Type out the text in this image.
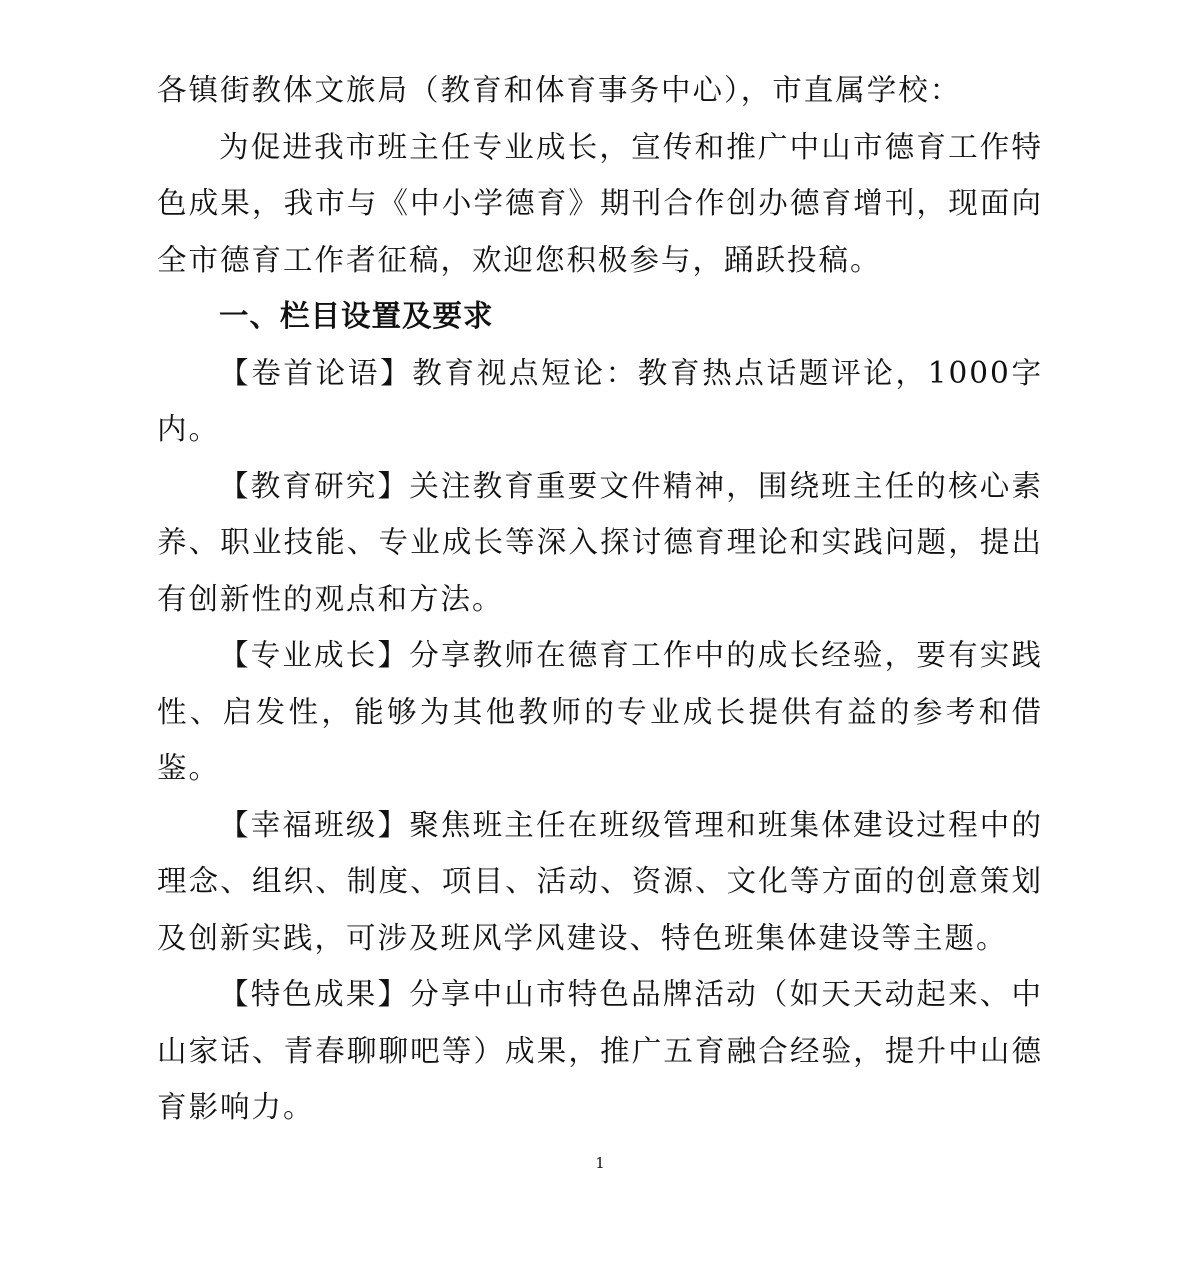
各镇街教体文旅局（教育和体育事务中心），市直属学校：

为促进我市班主任专业成长，宣传和推广中山市德育工作特色成果，我市与《中小学德育》期刊合作创办德育增刊，现面向全市德育工作者征稿，欢迎您积极参与，踊跃投稿。

一、栏目设置及要求

【卷首论语】教育视点短论：教育热点话题评论，1000字内。

【教育研究】关注教育重要文件精神，围绕班主任的核心素养、职业技能、专业成长等深入探讨德育理论和实践问题，提出有创新性的观点和方法。

【专业成长】分享教师在德育工作中的成长经验，要有实践性、启发性，能够为其他教师的专业成长提供有益的参考和借鉴。

【幸福班级】聚焦班主任在班级管理和班集体建设过程中的理念、组织、制度、项目、活动、资源、文化等方面的创意策划及创新实践，可涉及班风学风建设、特色班集体建设等主题。

【特色成果】分享中山市特色品牌活动（如天天动起来、中山家话、青春聊聊吧等）成果，推广五育融合经验，提升中山德育影响力。

1
